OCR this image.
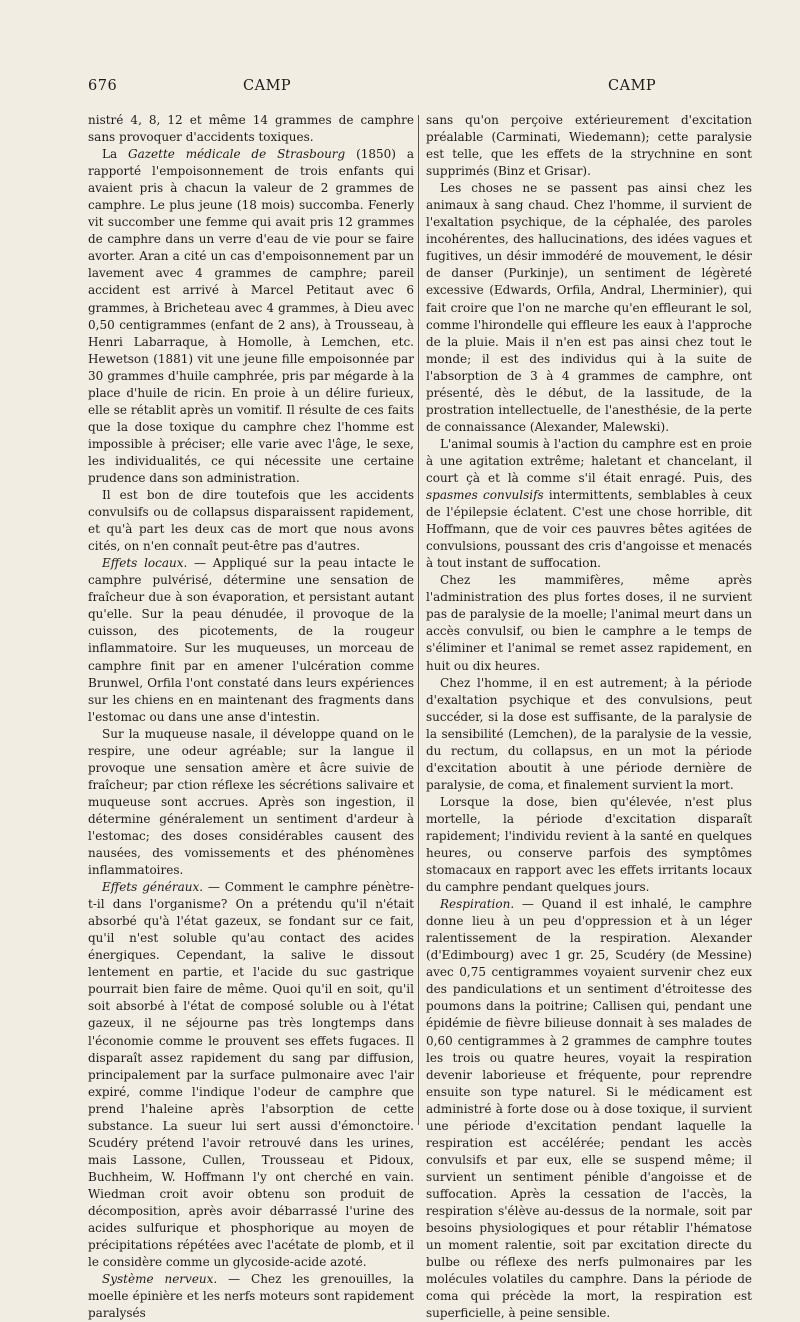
676	CAMP	CAMP

nistré 4, 8, 12 et même 14 grammes de camphre sans provoquer d'accidents toxiques.

La Gazette médicale de Strasbourg (1850) a rapporté l'empoisonnement de trois enfants qui avaient pris à chacun la valeur de 2 grammes de camphre. Le plus jeune (18 mois) succomba. Fenerly vit succomber une femme qui avait pris 12 grammes de camphre dans un verre d'eau de vie pour se faire avorter. Aran a cité un cas d'empoisonnement par un lavement avec 4 grammes de camphre; pareil accident est arrivé à Marcel Petitaut avec 6 grammes, à Bricheteau avec 4 grammes, à Dieu avec 0,50 centigrammes (enfant de 2 ans), à Trousseau, à Henri Labarraque, à Homolle, à Lemchen, etc. Hewetson (1881) vit une jeune fille empoisonnée par 30 grammes d'huile camphrée, pris par mégarde à la place d'huile de ricin. En proie à un délire furieux, elle se rétablit après un vomitif. Il résulte de ces faits que la dose toxique du camphre chez l'homme est impossible à préciser; elle varie avec l'âge, le sexe, les individualités, ce qui nécessite une certaine prudence dans son administration.

Il est bon de dire toutefois que les accidents convulsifs ou de collapsus disparaissent rapidement, et qu'à part les deux cas de mort que nous avons cités, on n'en connaît peut-être pas d'autres.

Effets locaux. — Appliqué sur la peau intacte le camphre pulvérisé, détermine une sensation de fraîcheur due à son évaporation, et persistant autant qu'elle. Sur la peau dénudée, il provoque de la cuisson, des picotements, de la rougeur inflammatoire. Sur les muqueuses, un morceau de camphre finit par en amener l'ulcération comme Brunwel, Orfila l'ont constaté dans leurs expériences sur les chiens en en maintenant des fragments dans l'estomac ou dans une anse d'intestin.

Sur la muqueuse nasale, il développe quand on le respire, une odeur agréable; sur la langue il provoque une sensation amère et âcre suivie de fraîcheur; par ction réflexe les sécrétions salivaire et muqueuse sont accrues. Après son ingestion, il détermine généralement un sentiment d'ardeur à l'estomac; des doses considérables causent des nausées, des vomissements et des phénomènes inflammatoires.

Effets généraux. — Comment le camphre pénètre-t-il dans l'organisme? On a prétendu qu'il n'était absorbé qu'à l'état gazeux, se fondant sur ce fait, qu'il n'est soluble qu'au contact des acides énergiques. Cependant, la salive le dissout lentement en partie, et l'acide du suc gastrique pourrait bien faire de même. Quoi qu'il en soit, qu'il soit absorbé à l'état de composé soluble ou à l'état gazeux, il ne séjourne pas très longtemps dans l'économie comme le prouvent ses effets fugaces. Il disparaît assez rapidement du sang par diffusion, principalement par la surface pulmonaire avec l'air expiré, comme l'indique l'odeur de camphre que prend l'haleine après l'absorption de cette substance. La sueur lui sert aussi d'émonctoire. Scudéry prétend l'avoir retrouvé dans les urines, mais Lassone, Cullen, Trousseau et Pidoux, Buchheim, W. Hoffmann l'y ont cherché en vain. Wiedman croit avoir obtenu son produit de décomposition, après avoir débarrassé l'urine des acides sulfurique et phosphorique au moyen de précipitations répétées avec l'acétate de plomb, et il le considère comme un glycoside-acide azoté.

Système nerveux. — Chez les grenouilles, la moelle épinière et les nerfs moteurs sont rapidement paralysés

sans qu'on perçoive extérieurement d'excitation préalable (Carminati, Wiedemann); cette paralysie est telle, que les effets de la strychnine en sont supprimés (Binz et Grisar).

Les choses ne se passent pas ainsi chez les animaux à sang chaud. Chez l'homme, il survient de l'exaltation psychique, de la céphalée, des paroles incohérentes, des hallucinations, des idées vagues et fugitives, un désir immodéré de mouvement, le désir de danser (Purkinje), un sentiment de légèreté excessive (Edwards, Orfila, Andral, Lherminier), qui fait croire que l'on ne marche qu'en effleurant le sol, comme l'hirondelle qui effleure les eaux à l'approche de la pluie. Mais il n'en est pas ainsi chez tout le monde; il est des individus qui à la suite de l'absorption de 3 à 4 grammes de camphre, ont présenté, dès le début, de la lassitude, de la prostration intellectuelle, de l'anesthésie, de la perte de connaissance (Alexander, Malewski).

L'animal soumis à l'action du camphre est en proie à une agitation extrême; haletant et chancelant, il court çà et là comme s'il était enragé. Puis, des spasmes convulsifs intermittents, semblables à ceux de l'épilepsie éclatent. C'est une chose horrible, dit Hoffmann, que de voir ces pauvres bêtes agitées de convulsions, poussant des cris d'angoisse et menacés à tout instant de suffocation.

Chez les mammifères, même après l'administration des plus fortes doses, il ne survient pas de paralysie de la moelle; l'animal meurt dans un accès convulsif, ou bien le camphre a le temps de s'éliminer et l'animal se remet assez rapidement, en huit ou dix heures.

Chez l'homme, il en est autrement; à la période d'exaltation psychique et des convulsions, peut succéder, si la dose est suffisante, de la paralysie de la sensibilité (Lemchen), de la paralysie de la vessie, du rectum, du collapsus, en un mot la période d'excitation aboutit à une période dernière de paralysie, de coma, et finalement survient la mort.

Lorsque la dose, bien qu'élevée, n'est plus mortelle, la période d'excitation disparaît rapidement; l'individu revient à la santé en quelques heures, ou conserve parfois des symptômes stomacaux en rapport avec les effets irritants locaux du camphre pendant quelques jours.

Respiration. — Quand il est inhalé, le camphre donne lieu à un peu d'oppression et à un léger ralentissement de la respiration. Alexander (d'Edimbourg) avec 1 gr. 25, Scudéry (de Messine) avec 0,75 centigrammes voyaient survenir chez eux des pandiculations et un sentiment d'étroitesse des poumons dans la poitrine; Callisen qui, pendant une épidémie de fièvre bilieuse donnait à ses malades de 0,60 centigrammes à 2 grammes de camphre toutes les trois ou quatre heures, voyait la respiration devenir laborieuse et fréquente, pour reprendre ensuite son type naturel. Si le médicament est administré à forte dose ou à dose toxique, il survient une période d'excitation pendant laquelle la respiration est accélérée; pendant les accès convulsifs et par eux, elle se suspend même; il survient un sentiment pénible d'angoisse et de suffocation. Après la cessation de l'accès, la respiration s'élève au-dessus de la normale, soit par besoins physiologiques et pour rétablir l'hématose un moment ralentie, soit par excitation directe du bulbe ou réflexe des nerfs pulmonaires par les molécules volatiles du camphre. Dans la période de coma qui précède la mort, la respiration est superficielle, à peine sensible.
